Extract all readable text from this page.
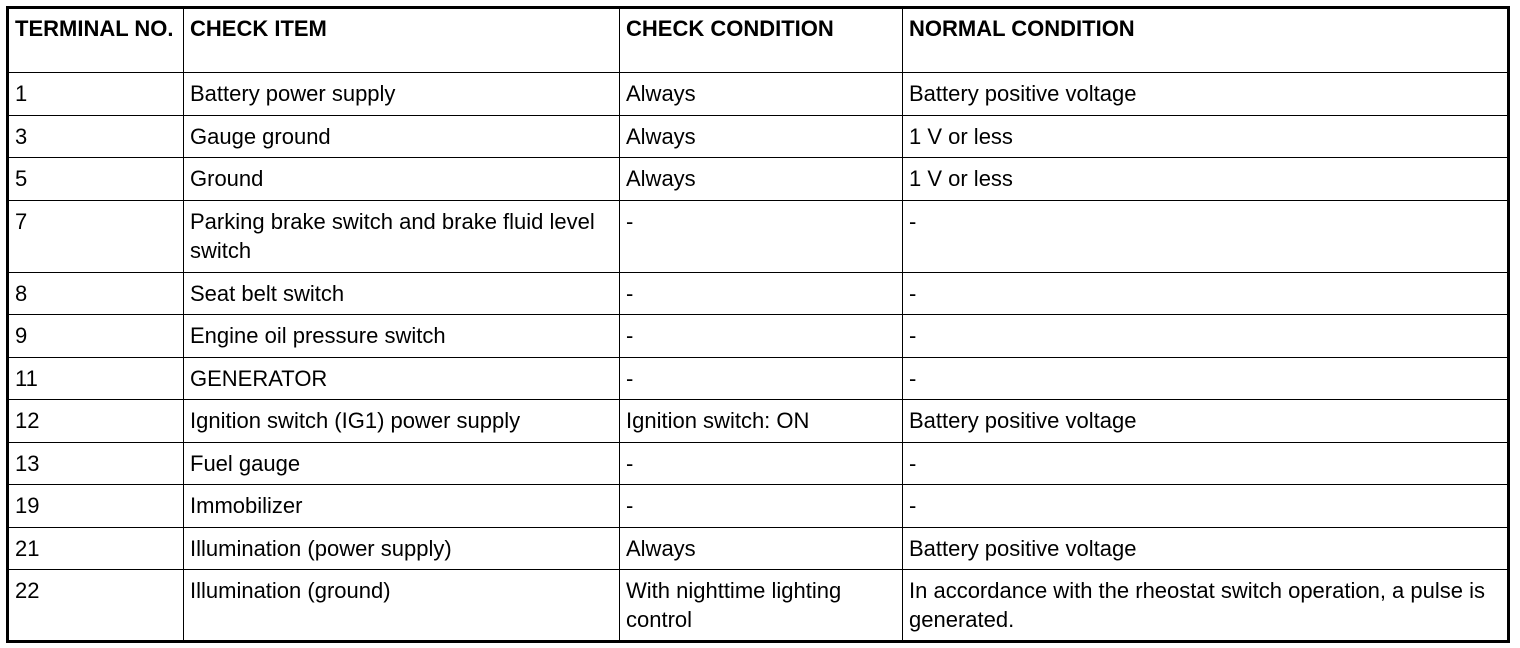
TERMINAL NO.	CHECK ITEM	CHECK CONDITION	NORMAL CONDITION
1	Battery power supply	Always	Battery positive voltage
3	Gauge ground	Always	1 V or less
5	Ground	Always	1 V or less
7	Parking brake switch and brake fluid level switch	-	-
8	Seat belt switch	-	-
9	Engine oil pressure switch	-	-
11	GENERATOR	-	-
12	Ignition switch (IG1) power supply	Ignition switch: ON	Battery positive voltage
13	Fuel gauge	-	-
19	Immobilizer	-	-
21	Illumination (power supply)	Always	Battery positive voltage
22	Illumination (ground)	With nighttime lighting control	In accordance with the rheostat switch operation, a pulse is generated.
